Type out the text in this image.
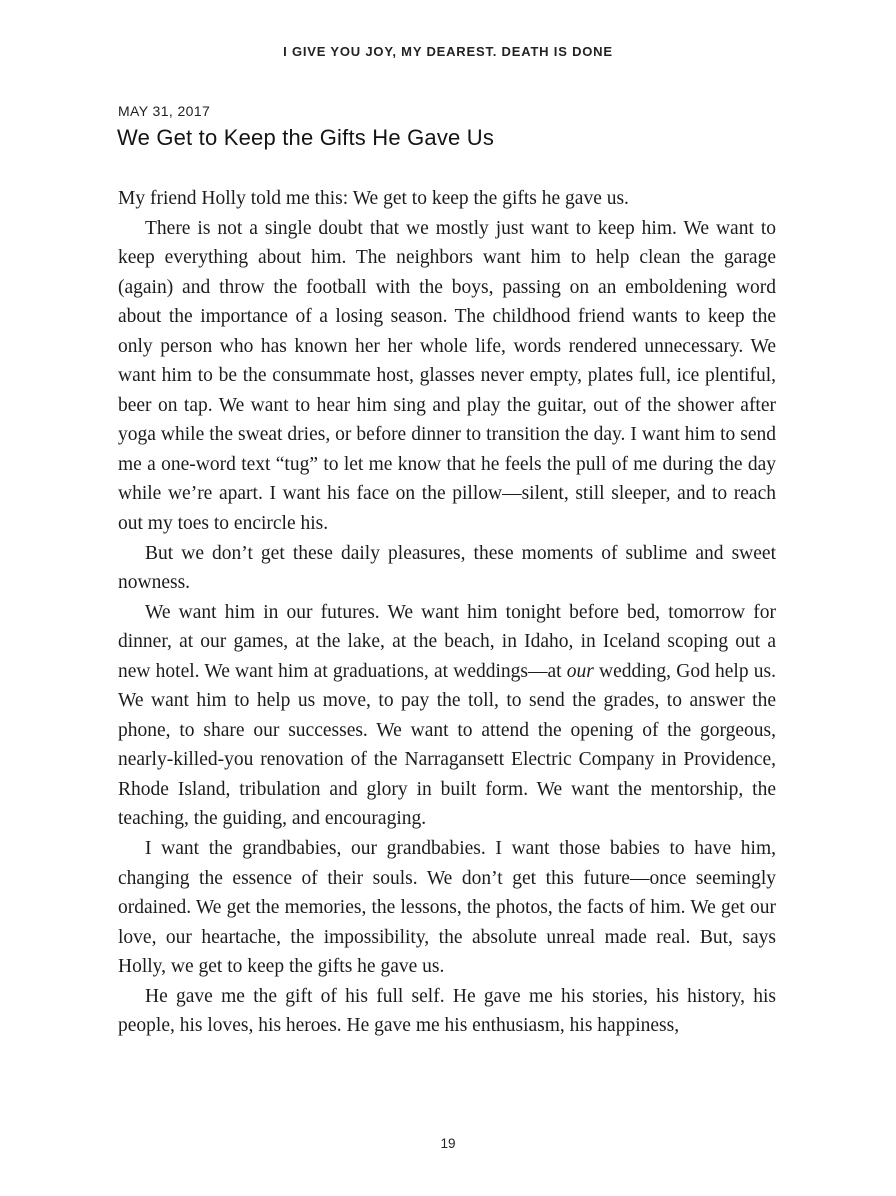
I GIVE YOU JOY, MY DEAREST. DEATH IS DONE
MAY 31, 2017
We Get to Keep the Gifts He Gave Us

My friend Holly told me this: We get to keep the gifts he gave us.

There is not a single doubt that we mostly just want to keep him. We want to keep everything about him. The neighbors want him to help clean the garage (again) and throw the football with the boys, passing on an emboldening word about the importance of a losing season. The childhood friend wants to keep the only person who has known her her whole life, words rendered unnecessary. We want him to be the consummate host, glasses never empty, plates full, ice plentiful, beer on tap. We want to hear him sing and play the guitar, out of the shower after yoga while the sweat dries, or before dinner to transition the day. I want him to send me a one-word text “tug” to let me know that he feels the pull of me during the day while we’re apart. I want his face on the pillow—silent, still sleeper, and to reach out my toes to encircle his.

But we don’t get these daily pleasures, these moments of sublime and sweet nowness.

We want him in our futures. We want him tonight before bed, tomorrow for dinner, at our games, at the lake, at the beach, in Idaho, in Iceland scoping out a new hotel. We want him at graduations, at weddings—at our wedding, God help us. We want him to help us move, to pay the toll, to send the grades, to answer the phone, to share our successes. We want to attend the opening of the gorgeous, nearly-killed-you renovation of the Narragansett Electric Company in Providence, Rhode Island, tribulation and glory in built form. We want the mentorship, the teaching, the guiding, and encouraging.

I want the grandbabies, our grandbabies. I want those babies to have him, changing the essence of their souls. We don’t get this future—once seemingly ordained. We get the memories, the lessons, the photos, the facts of him. We get our love, our heartache, the impossibility, the absolute unreal made real. But, says Holly, we get to keep the gifts he gave us.

He gave me the gift of his full self. He gave me his stories, his history, his people, his loves, his heroes. He gave me his enthusiasm, his happiness,

19
